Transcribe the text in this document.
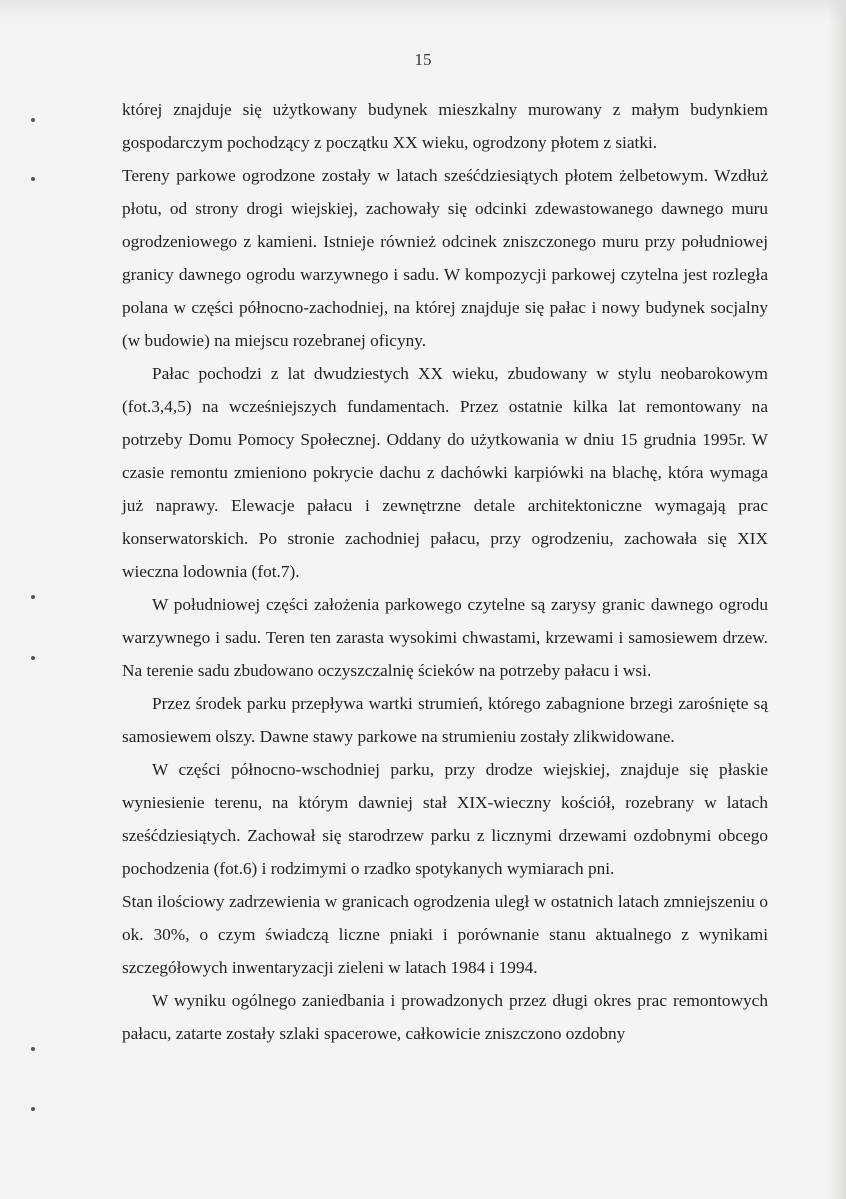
15

której znajduje się użytkowany budynek mieszkalny murowany z małym budynkiem gospodarczym pochodzący z początku XX wieku, ogrodzony płotem z siatki.

Tereny parkowe ogrodzone zostały w latach sześćdziesiątych płotem żelbetowym. Wzdłuż płotu, od strony drogi wiejskiej, zachowały się odcinki zdewastowanego dawnego muru ogrodzeniowego z kamieni. Istnieje również odcinek zniszczonego muru przy południowej granicy dawnego ogrodu warzywnego i sadu. W kompozycji parkowej czytelna jest rozległa polana w części północno-zachodniej, na której znajduje się pałac i nowy budynek socjalny (w budowie) na miejscu rozebranej oficyny.

Pałac pochodzi z lat dwudziestych XX wieku, zbudowany w stylu neobarokowym (fot.3,4,5) na wcześniejszych fundamentach. Przez ostatnie kilka lat remontowany na potrzeby Domu Pomocy Społecznej. Oddany do użytkowania w dniu 15 grudnia 1995r. W czasie remontu zmieniono pokrycie dachu z dachówki karpiówki na blachę, która wymaga już naprawy. Elewacje pałacu i zewnętrzne detale architektoniczne wymagają prac konserwatorskich. Po stronie zachodniej pałacu, przy ogrodzeniu, zachowała się XIX wieczna lodownia (fot.7).

W południowej części założenia parkowego czytelne są zarysy granic dawnego ogrodu warzywnego i sadu. Teren ten zarasta wysokimi chwastami, krzewami i samosiewem drzew. Na terenie sadu zbudowano oczyszczalnię ścieków na potrzeby pałacu i wsi.

Przez środek parku przepływa wartki strumień, którego zabagnione brzegi zarośnięte są samosiewem olszy. Dawne stawy parkowe na strumieniu zostały zlikwidowane.

W części północno-wschodniej parku, przy drodze wiejskiej, znajduje się płaskie wyniesienie terenu, na którym dawniej stał XIX-wieczny kościół, rozebrany w latach sześćdziesiątych. Zachował się starodrzew parku z licznymi drzewami ozdobnymi obcego pochodzenia (fot.6) i rodzimymi o rzadko spotykanych wymiarach pni.

Stan ilościowy zadrzewienia w granicach ogrodzenia uległ w ostatnich latach zmniejszeniu o ok. 30%, o czym świadczą liczne pniaki i porównanie stanu aktualnego z wynikami szczegółowych inwentaryzacji zieleni w latach 1984 i 1994.

W wyniku ogólnego zaniedbania i prowadzonych przez długi okres prac remontowych pałacu, zatarte zostały szlaki spacerowe, całkowicie zniszczono ozdobny
